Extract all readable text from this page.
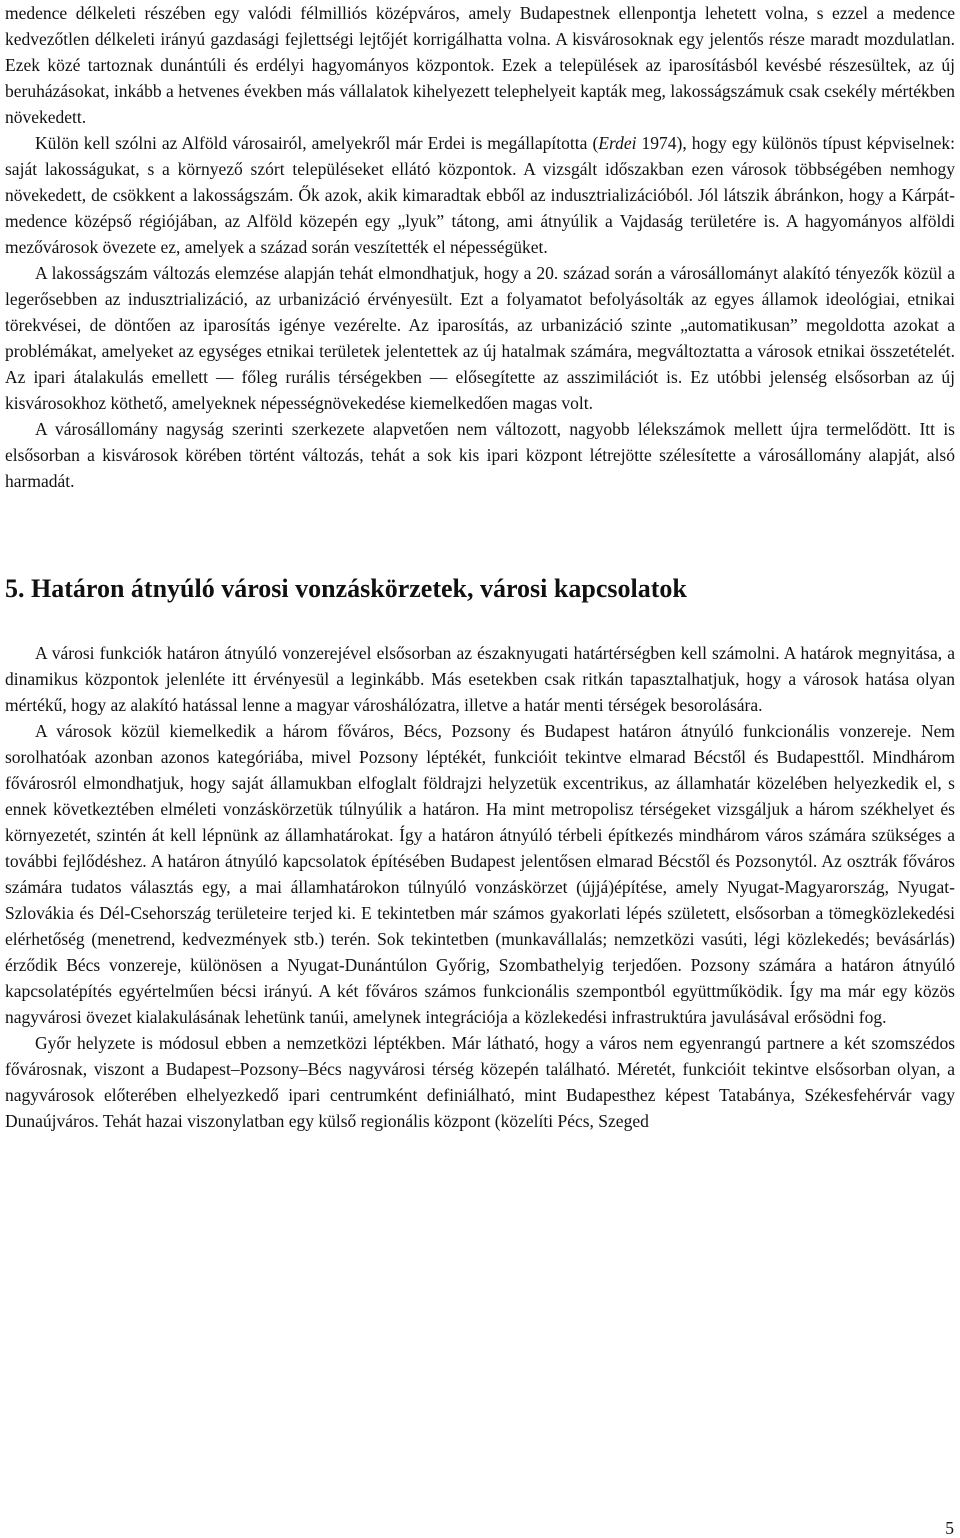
medence délkeleti részében egy valódi félmilliós középváros, amely Budapestnek ellenpontja lehetett volna, s ezzel a medence kedvezőtlen délkeleti irányú gazdasági fejlettségi lejtőjét korrigálhatta volna. A kisvárosoknak egy jelentős része maradt mozdulatlan. Ezek közé tartoznak dunántúli és erdélyi hagyományos központok. Ezek a települések az iparosításból kevésbé részesültek, az új beruházásokat, inkább a hetvenes években más vállalatok kihelyezett telephelyeit kapták meg, lakosságszámuk csak csekély mértékben növekedett.

Külön kell szólni az Alföld városairól, amelyekről már Erdei is megállapította (Erdei 1974), hogy egy különös típust képviselnek: saját lakosságukat, s a környező szórt településeket ellátó központok. A vizsgált időszakban ezen városok többségében nemhogy növekedett, de csökkent a lakosságszám. Ők azok, akik kimaradtak ebből az indusztrializációból. Jól látszik ábránkon, hogy a Kárpát-medence középső régiójában, az Alföld közepén egy „lyuk” tátong, ami átnyúlik a Vajdaság területére is. A hagyományos alföldi mezővárosok övezete ez, amelyek a század során veszítették el népességüket.

A lakosságszám változás elemzése alapján tehát elmondhatjuk, hogy a 20. század során a városállományt alakító tényezők közül a legerősebben az indusztrializáció, az urbanizáció érvényesült. Ezt a folyamatot befolyásolták az egyes államok ideológiai, etnikai törekvései, de döntően az iparosítás igénye vezérelte. Az iparosítás, az urbanizáció szinte „automatikusan” megoldotta azokat a problémákat, amelyeket az egységes etnikai területek jelentettek az új hatalmak számára, megváltoztatta a városok etnikai összetételét. Az ipari átalakulás emellett — főleg rurális térségekben — elősegítette az asszimilációt is. Ez utóbbi jelenség elsősorban az új kisvárosokhoz köthető, amelyeknek népességnövekedése kiemelkedően magas volt.

A városállomány nagyság szerinti szerkezete alapvetően nem változott, nagyobb lélekszámok mellett újra termelődött. Itt is elsősorban a kisvárosok körében történt változás, tehát a sok kis ipari központ létrejötte szélesítette a városállomány alapját, alsó harmadát.

5. Határon átnyúló városi vonzáskörzetek, városi kapcsolatok

A városi funkciók határon átnyúló vonzerejével elsősorban az északnyugati határtérségben kell számolni. A határok megnyitása, a dinamikus központok jelenléte itt érvényesül a leginkább. Más esetekben csak ritkán tapasztalhatjuk, hogy a városok hatása olyan mértékű, hogy az alakító hatással lenne a magyar városhálózatra, illetve a határ menti térségek besorolására.

A városok közül kiemelkedik a három főváros, Bécs, Pozsony és Budapest határon átnyúló funkcionális vonzereje. Nem sorolhatóak azonban azonos kategóriába, mivel Pozsony léptékét, funkcióit tekintve elmarad Bécstől és Budapesttől. Mindhárom fővárosról elmondhatjuk, hogy saját államukban elfoglalt földrajzi helyzetük excentrikus, az államhatár közelében helyezkedik el, s ennek következtében elméleti vonzáskörzetük túlnyúlik a határon. Ha mint metropolisz térségeket vizsgáljuk a három székhelyet és környezetét, szintén át kell lépnünk az államhatárokat. Így a határon átnyúló térbeli építkezés mindhárom város számára szükséges a további fejlődéshez. A határon átnyúló kapcsolatok építésében Budapest jelentősen elmarad Bécstől és Pozsonytól. Az osztrák főváros számára tudatos választás egy, a mai államhatárokon túlnyúló vonzáskörzet (újjá)építése, amely Nyugat-Magyarország, Nyugat-Szlovákia és Dél-Csehország területeire terjed ki. E tekintetben már számos gyakorlati lépés született, elsősorban a tömegközlekedési elérhetőség (menetrend, kedvezmények stb.) terén. Sok tekintetben (munkavállalás; nemzetközi vasúti, légi közlekedés; bevásárlás) érződik Bécs vonzereje, különösen a Nyugat-Dunántúlon Győrig, Szombathelyig terjedően. Pozsony számára a határon átnyúló kapcsolatépítés egyértelműen bécsi irányú. A két főváros számos funkcionális szempontból együttműködik. Így ma már egy közös nagyvárosi övezet kialakulásának lehetünk tanúi, amelynek integrációja a közlekedési infrastruktúra javulásával erősödni fog.

Győr helyzete is módosul ebben a nemzetközi léptékben. Már látható, hogy a város nem egyenrangú partnere a két szomszédos fővárosnak, viszont a Budapest–Pozsony–Bécs nagyvárosi térség közepén található. Méretét, funkcióit tekintve elsősorban olyan, a nagyvárosok előterében elhelyezkedő ipari centrumként definiálható, mint Budapesthez képest Tatabánya, Székesfehérvár vagy Dunaújváros. Tehát hazai viszonylatban egy külső regionális központ (közelíti Pécs, Szeged

5
